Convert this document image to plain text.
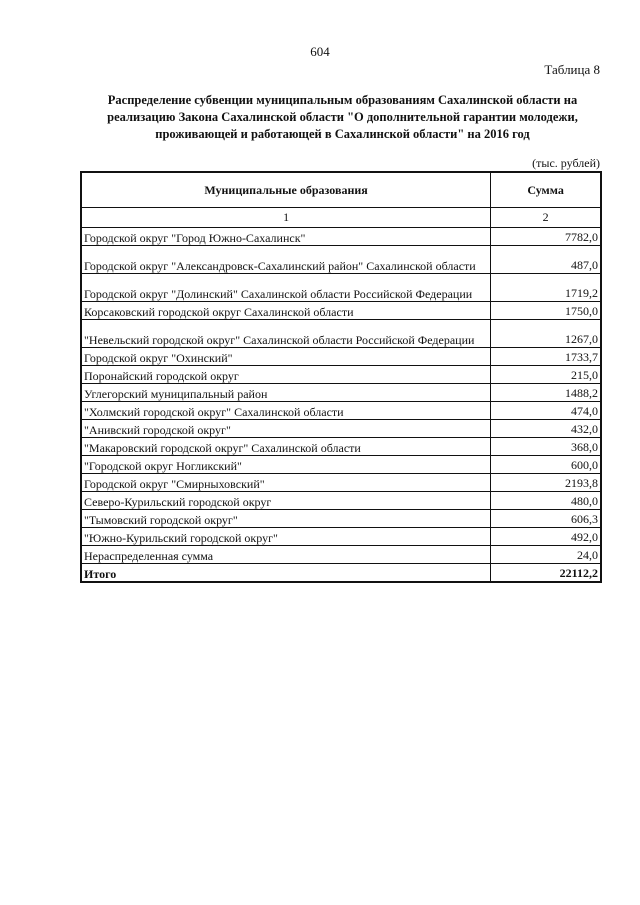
604
Таблица 8
Распределение субвенции муниципальным образованиям Сахалинской области на реализацию Закона Сахалинской области "О дополнительной гарантии молодежи, проживающей и работающей в Сахалинской области" на 2016 год
(тыс. рублей)
Муниципальные образования	Сумма
1	2
Городской округ "Город Южно-Сахалинск"	7782,0
Городской округ "Александровск-Сахалинский район" Сахалинской области	487,0
Городской округ "Долинский" Сахалинской области Российской Федерации	1719,2
Корсаковский городской округ Сахалинской области	1750,0
"Невельский городской округ" Сахалинской области Российской Федерации	1267,0
Городской округ "Охинский"	1733,7
Поронайский городской округ	215,0
Углегорский муниципальный район	1488,2
"Холмский городской округ" Сахалинской области	474,0
"Анивский городской округ"	432,0
"Макаровский городской округ" Сахалинской области	368,0
"Городской округ Ногликский"	600,0
Городской округ "Смирныховский"	2193,8
Северо-Курильский городской округ	480,0
"Тымовский городской округ"	606,3
"Южно-Курильский городской округ"	492,0
Нераспределенная сумма	24,0
Итого	22112,2
